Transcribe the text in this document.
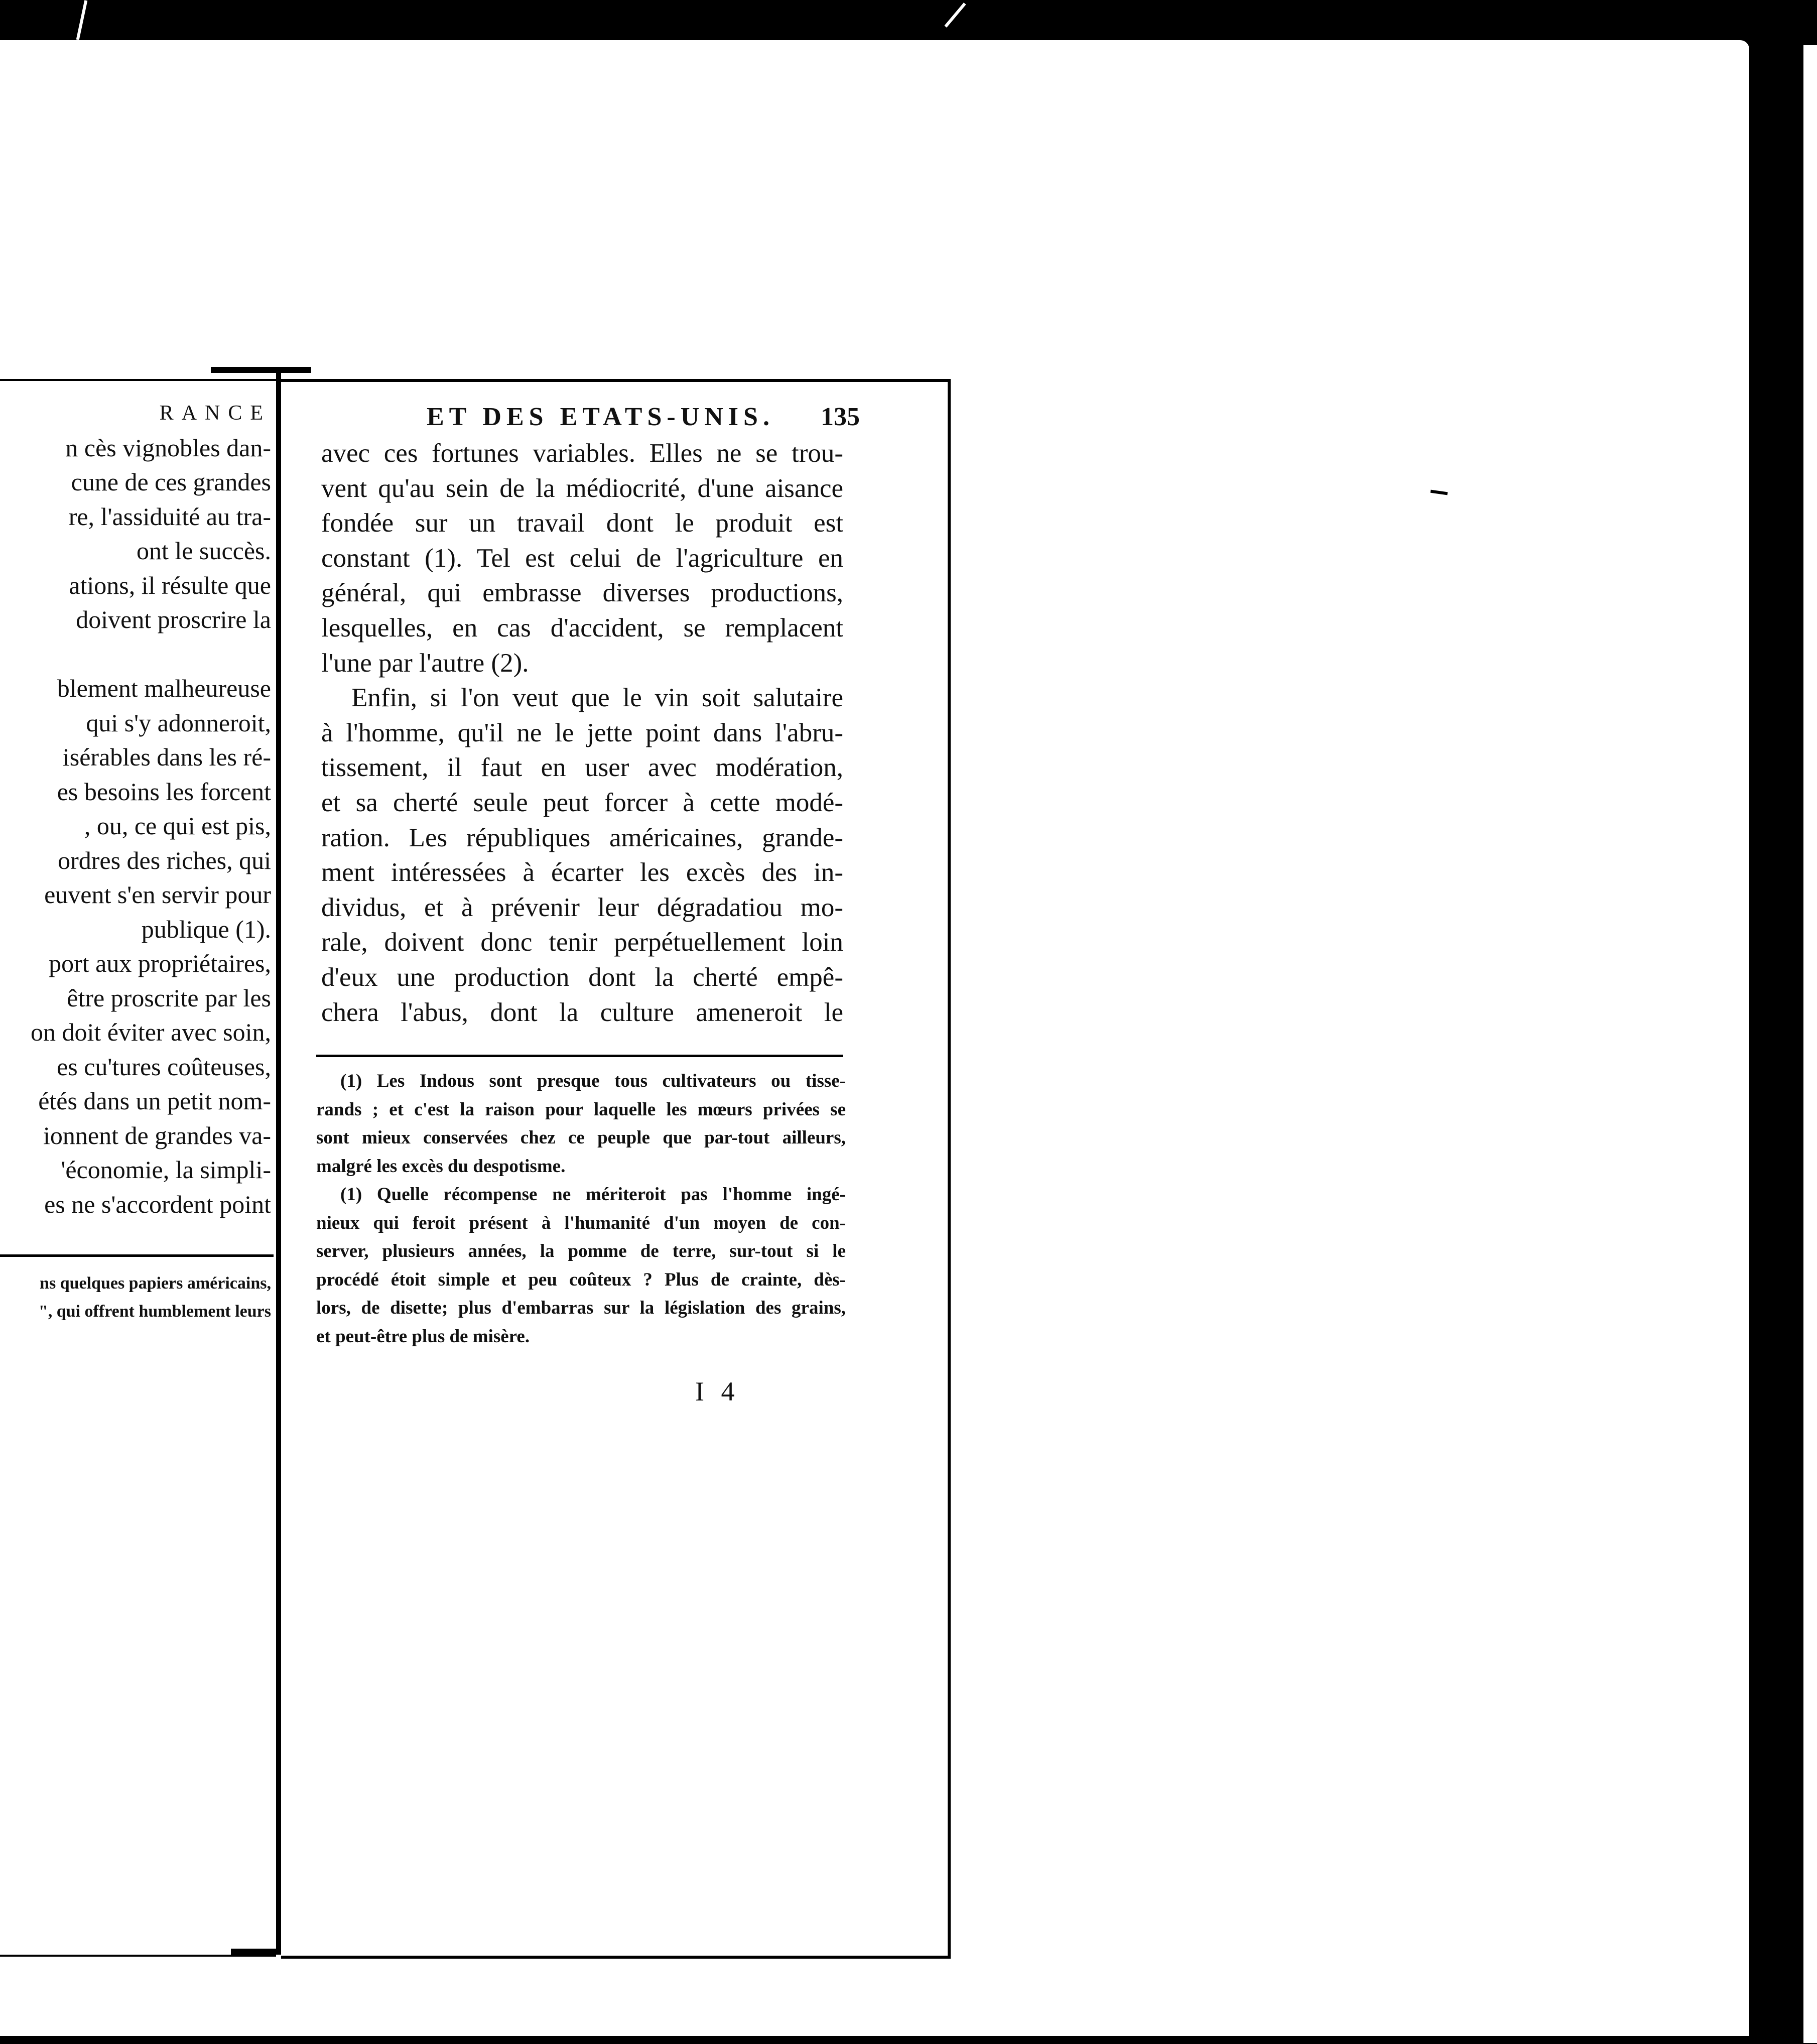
RANCE
n cès vignobles dan-
cune de ces grandes
re, l'assiduité au tra-
ont le succès.
ations, il résulte que
doivent proscrire la

blement malheureuse
qui s'y adonneroit,
isérables dans les ré-
es besoins les forcent
, ou, ce qui est pis,
ordres des riches, qui
euvent s'en servir pour
publique (1).
port aux propriétaires,
être proscrite par les
on doit éviter avec soin,
es cu'tures coûteuses,
étés dans un petit nom-
ionnent de grandes va-
'économie, la simpli-
es ne s'accordent point
ns quelques papiers américains,
", qui offrent humblement leurs
ET DES ETATS-UNIS. 135
avec ces fortunes variables. Elles ne se trou-
vent qu'au sein de la médiocrité, d'une aisance
fondée sur un travail dont le produit est
constant (1). Tel est celui de l'agriculture en
général, qui embrasse diverses productions,
lesquelles, en cas d'accident, se remplacent
l'une par l'autre (2).
Enfin, si l'on veut que le vin soit salutaire
à l'homme, qu'il ne le jette point dans l'abru-
tissement, il faut en user avec modération,
et sa cherté seule peut forcer à cette modé-
ration. Les républiques américaines, grande-
ment intéressées à écarter les excès des in-
dividus, et à prévenir leur dégradatiou mo-
rale, doivent donc tenir perpétuellement loin
d'eux une production dont la cherté empê-
chera l'abus, dont la culture ameneroit le
(1) Les Indous sont presque tous cultivateurs ou tisse-
rands ; et c'est la raison pour laquelle les mœurs privées se
sont mieux conservées chez ce peuple que par-tout ailleurs,
malgré les excès du despotisme.
(1) Quelle récompense ne mériteroit pas l'homme ingé-
nieux qui feroit présent à l'humanité d'un moyen de con-
server, plusieurs années, la pomme de terre, sur-tout si le
procédé étoit simple et peu coûteux ? Plus de crainte, dès-
lors, de disette; plus d'embarras sur la législation des grains,
et peut-être plus de misère.
I 4
